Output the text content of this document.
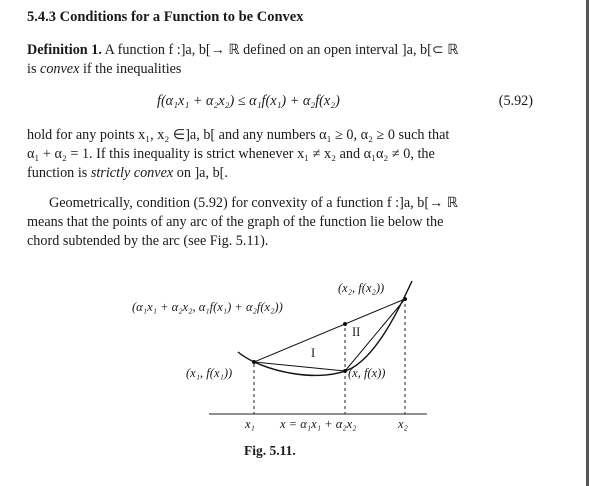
5.4.3 Conditions for a Function to be Convex
Definition 1. A function f :]a, b[→ ℝ defined on an open interval ]a, b[⊂ ℝ
is convex if the inequalities
f(α₁x₁ + α₂x₂) ≤ α₁f(x₁) + α₂f(x₂)	(5.92)
hold for any points x₁, x₂ ∈]a, b[ and any numbers α₁ ≥ 0, α₂ ≥ 0 such that
α₁ + α₂ = 1. If this inequality is strict whenever x₁ ≠ x₂ and α₁α₂ ≠ 0, the
function is strictly convex on ]a, b[.
Geometrically, condition (5.92) for convexity of a function f :]a, b[→ ℝ
means that the points of any arc of the graph of the function lie below the
chord subtended by the arc (see Fig. 5.11).
(x₂, f(x₂))
(α₁x₁ + α₂x₂, α₁f(x₁) + α₂f(x₂))
II
I
(x₁, f(x₁))	(x, f(x))
x₁ x = α₁x₁ + α₂x₂	x₂
Fig. 5.11.
